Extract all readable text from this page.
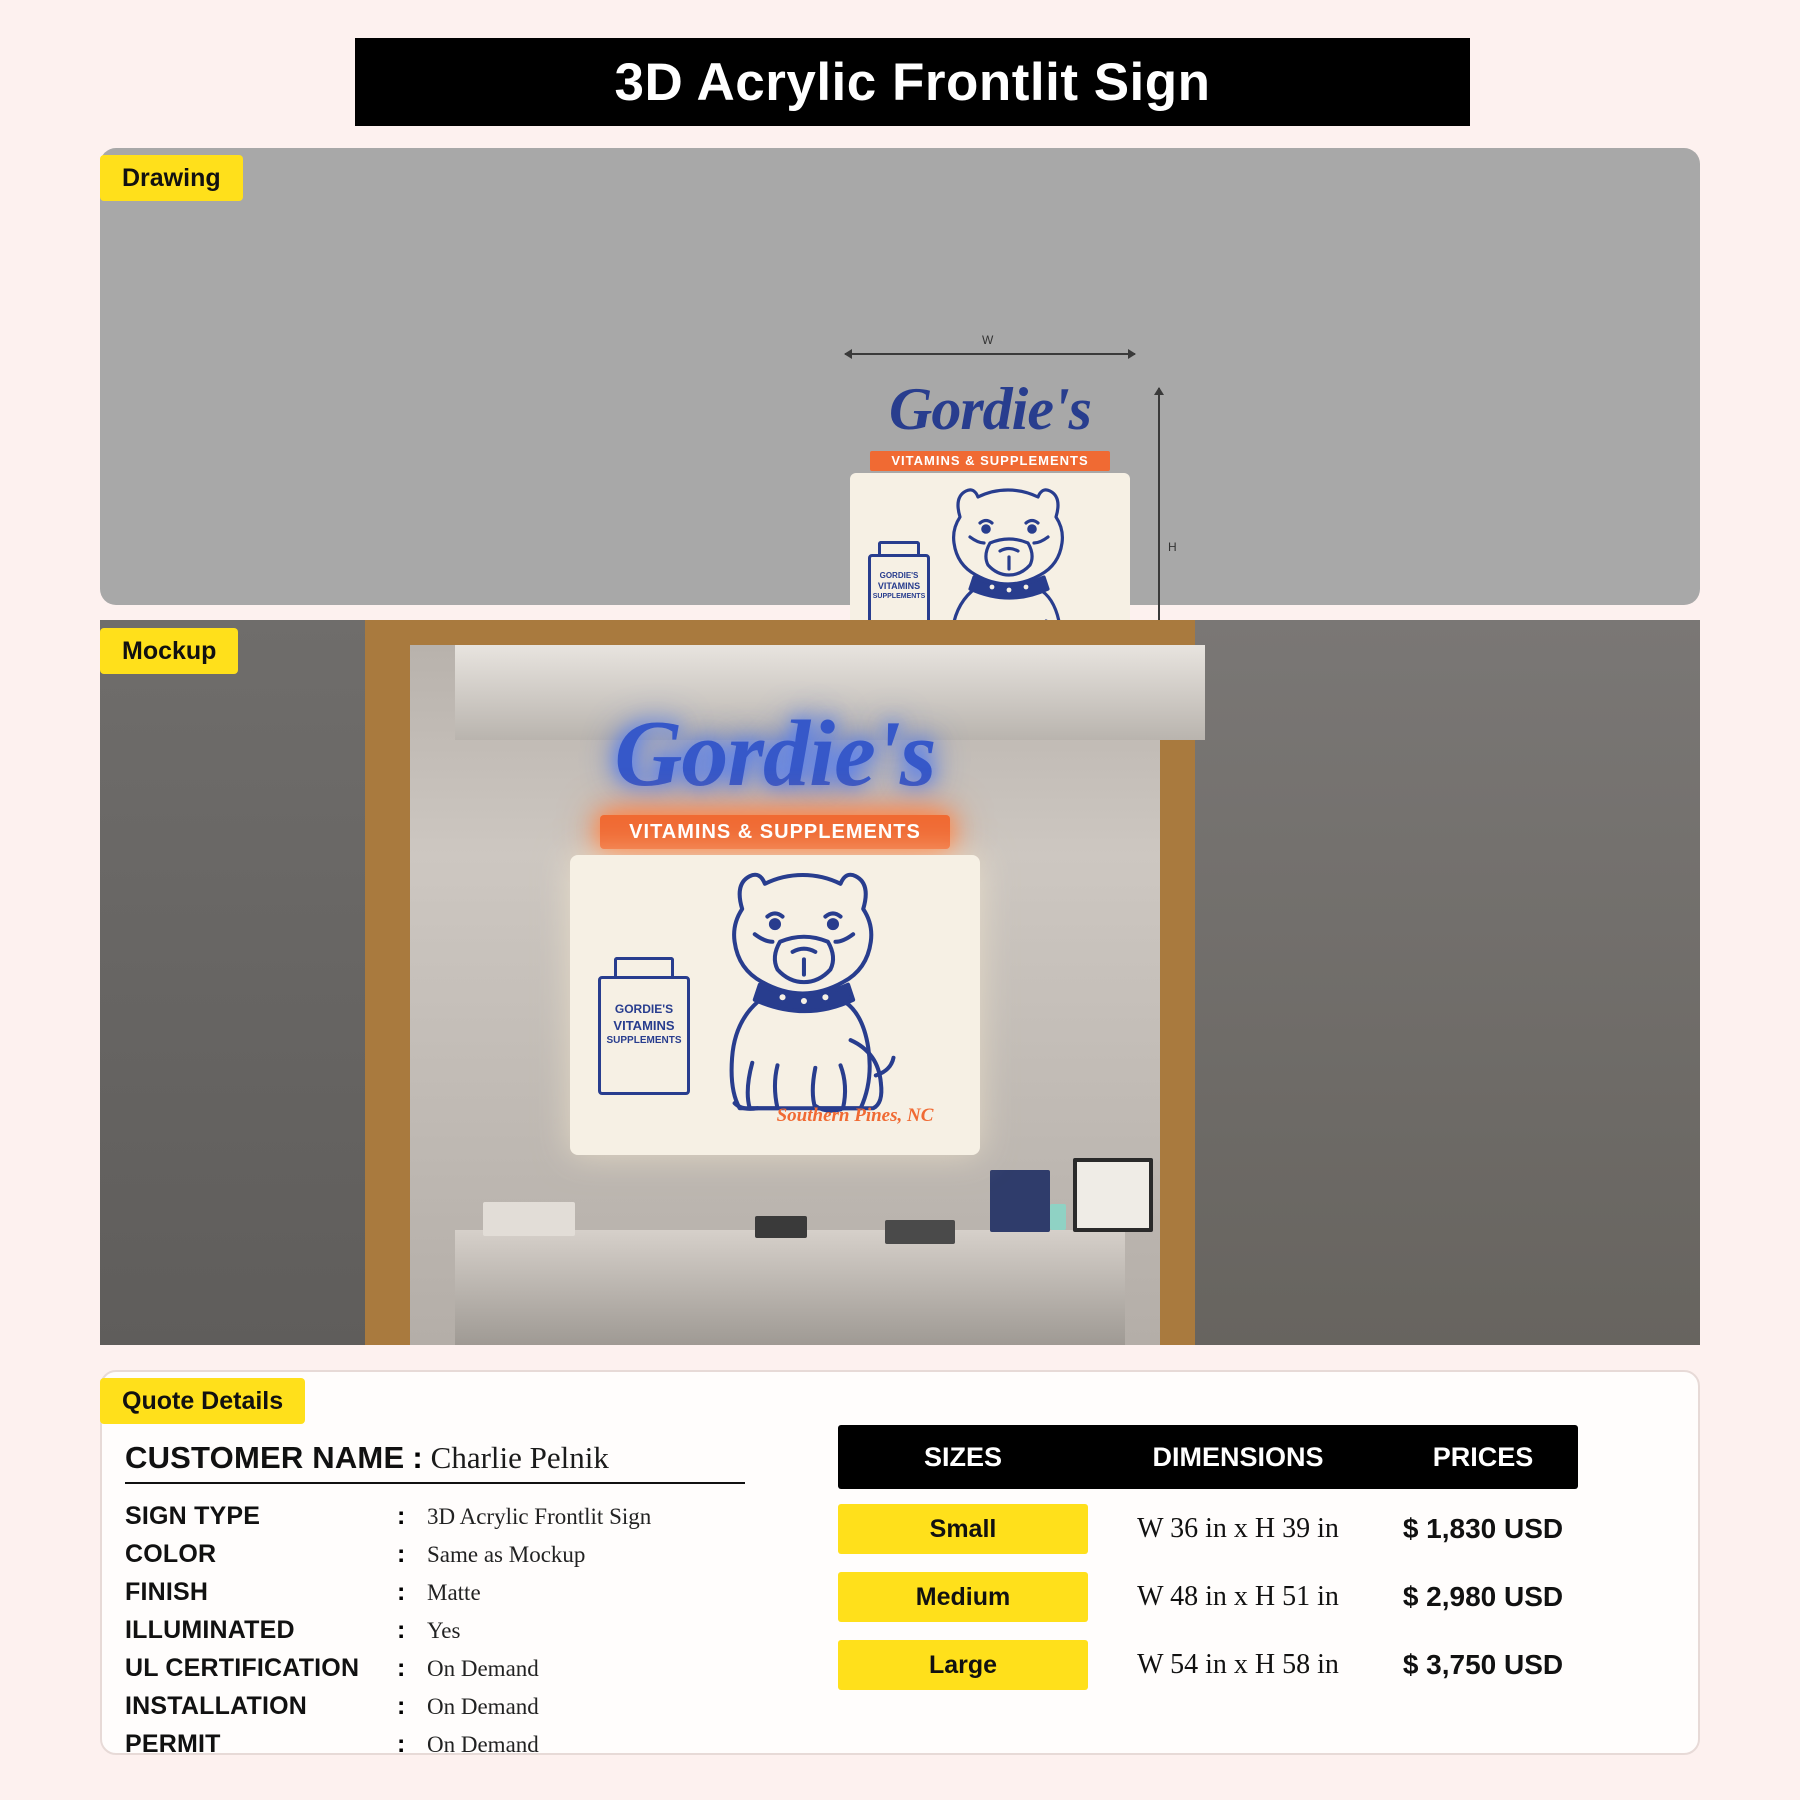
3D Acrylic Frontlit Sign
Drawing
W
H
Gordie's
VITAMINS & SUPPLEMENTS
GORDIE'S
VITAMINS
SUPPLEMENTS
Mockup
Gordie's
VITAMINS & SUPPLEMENTS
GORDIE'S
VITAMINS
SUPPLEMENTS
Southern Pines, NC
Quote Details
CUSTOMER NAME : Charlie Pelnik
SIGN TYPE	: 3D Acrylic Frontlit Sign
COLOR	: Same as Mockup
FINISH	: Matte
ILLUMINATED	: Yes
UL CERTIFICATION	: On Demand
INSTALLATION	: On Demand
PERMIT	: On Demand
SIZES	DIMENSIONS	PRICES
Small	W 36 in x H 39 in	$ 1,830 USD
Medium	W 48 in x H 51 in	$ 2,980 USD
Large	W 54 in x H 58 in	$ 3,750 USD
